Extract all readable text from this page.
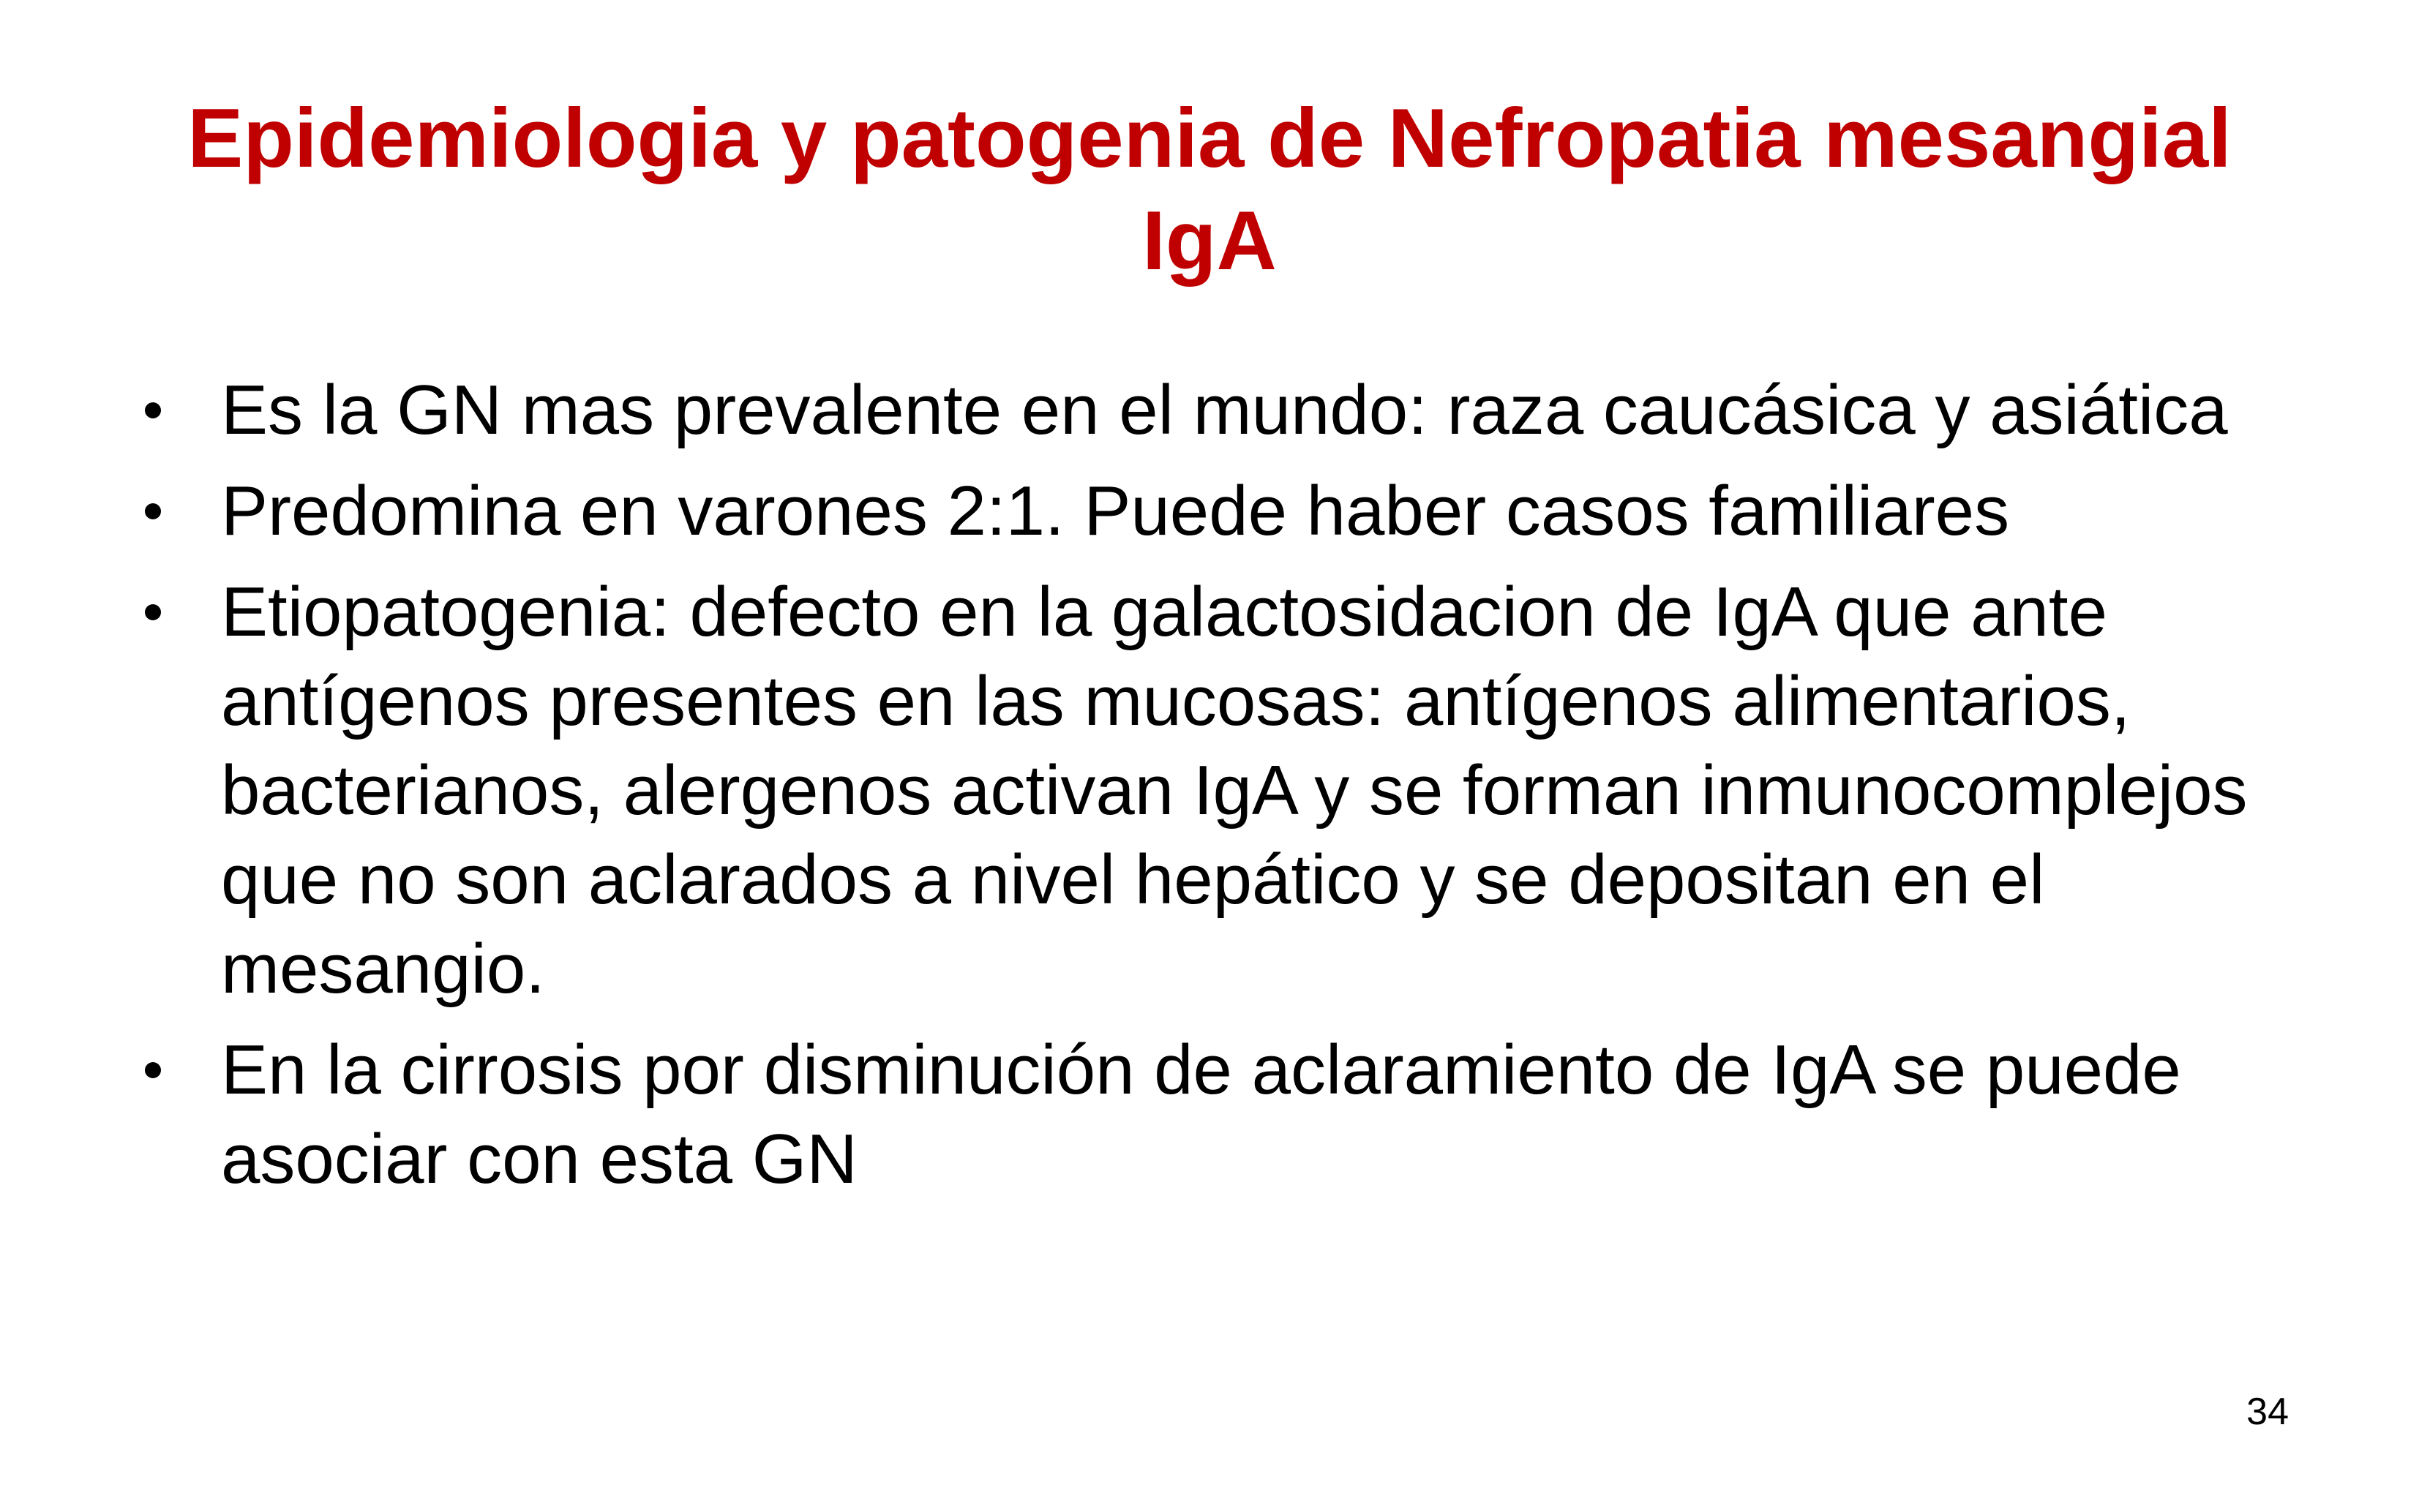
Epidemiologia y patogenia de Nefropatia mesangial IgA
Es la GN mas prevalente en el mundo: raza caucásica y asiática
Predomina en varones 2:1. Puede haber casos familiares
Etiopatogenia: defecto en la galactosidacion de IgA que ante antígenos presentes en las mucosas: antígenos alimentarios, bacterianos, alergenos activan IgA y se forman inmunocomplejos que no son aclarados a nivel hepático y se depositan en el mesangio.
En la cirrosis por disminución de aclaramiento de IgA se puede asociar con esta GN
34
